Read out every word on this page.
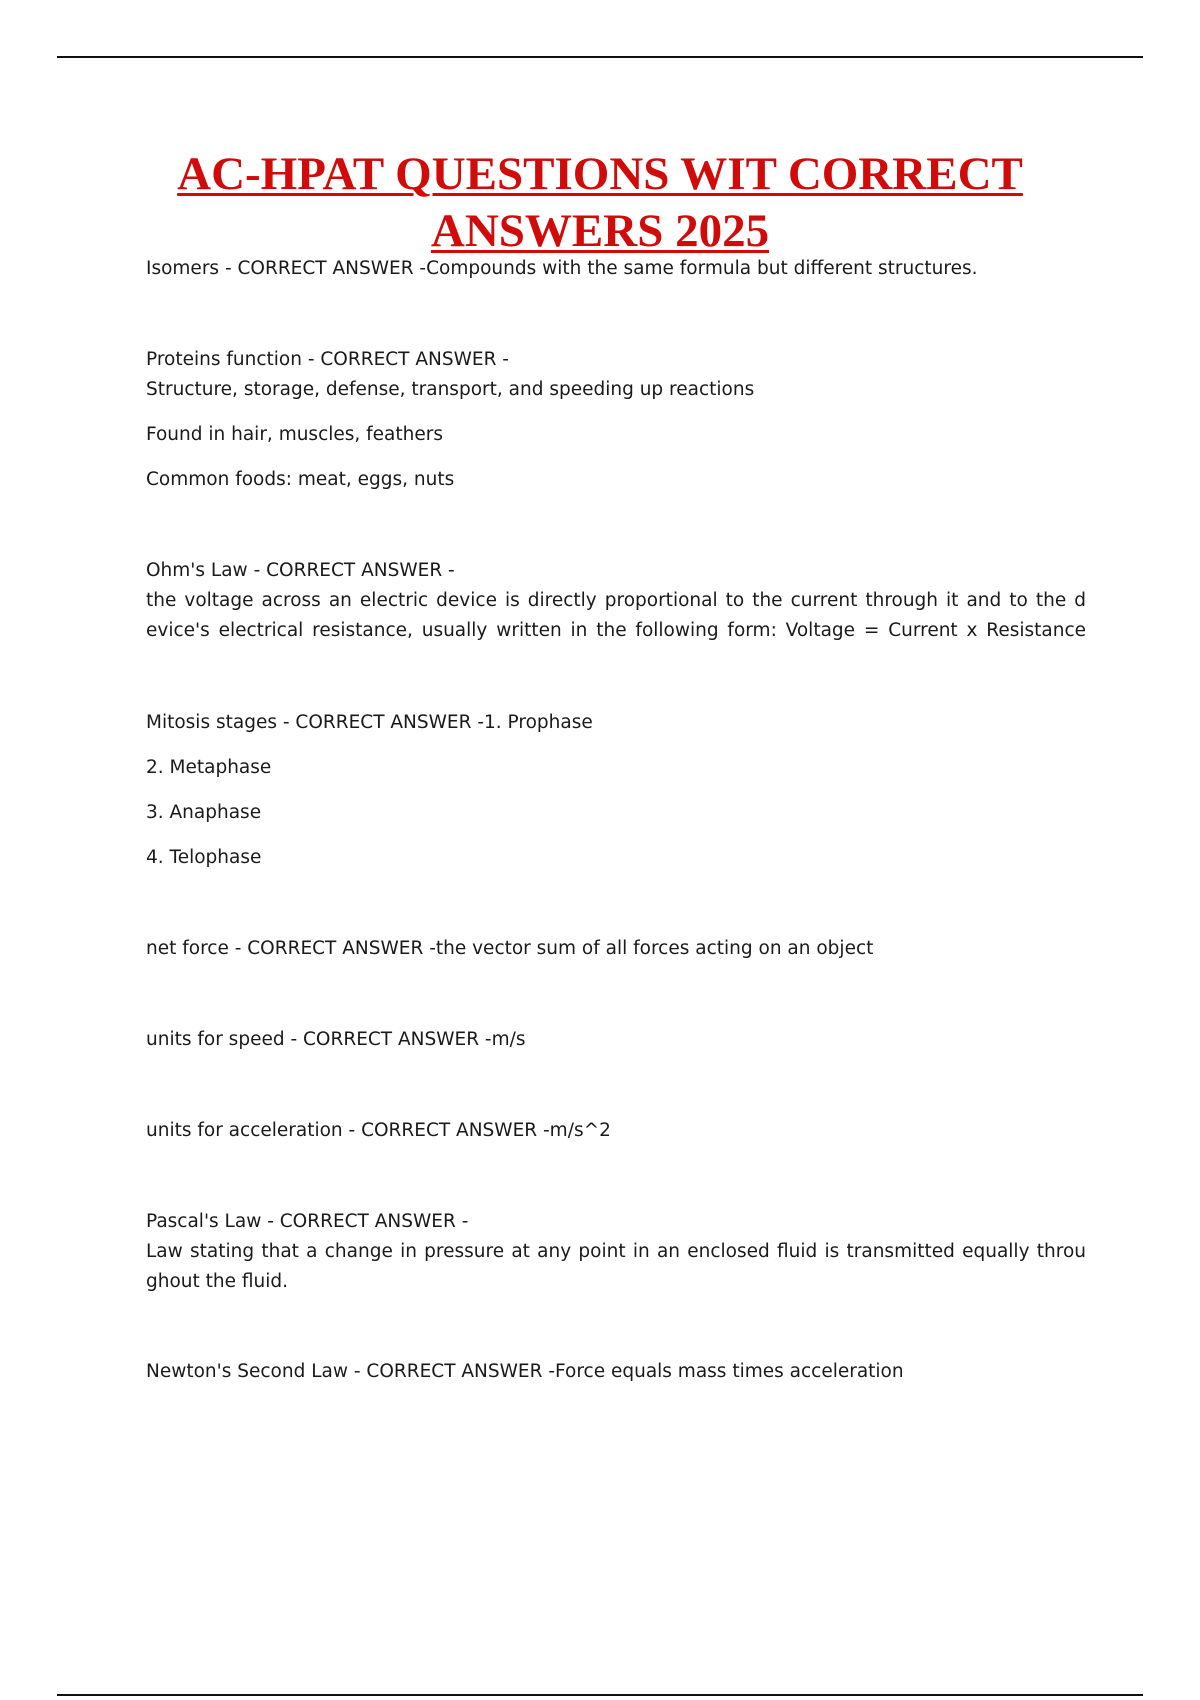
AC-HPAT QUESTIONS WIT CORRECT
ANSWERS 2025

Isomers - CORRECT ANSWER -Compounds with the same formula but different structures.

Proteins function - CORRECT ANSWER -

Structure, storage, defense, transport, and speeding up reactions

Found in hair, muscles, feathers

Common foods: meat, eggs, nuts

Ohm's Law - CORRECT ANSWER -

the voltage across an electric device is directly proportional to the current through it and to the d

evice's electrical resistance, usually written in the following form: Voltage = Current x Resistance

Mitosis stages - CORRECT ANSWER -1. Prophase

2. Metaphase

3. Anaphase

4. Telophase

net force - CORRECT ANSWER -the vector sum of all forces acting on an object

units for speed - CORRECT ANSWER -m/s

units for acceleration - CORRECT ANSWER -m/s^2

Pascal's Law - CORRECT ANSWER -

Law stating that a change in pressure at any point in an enclosed fluid is transmitted equally throu

ghout the fluid.

Newton's Second Law - CORRECT ANSWER -Force equals mass times acceleration
